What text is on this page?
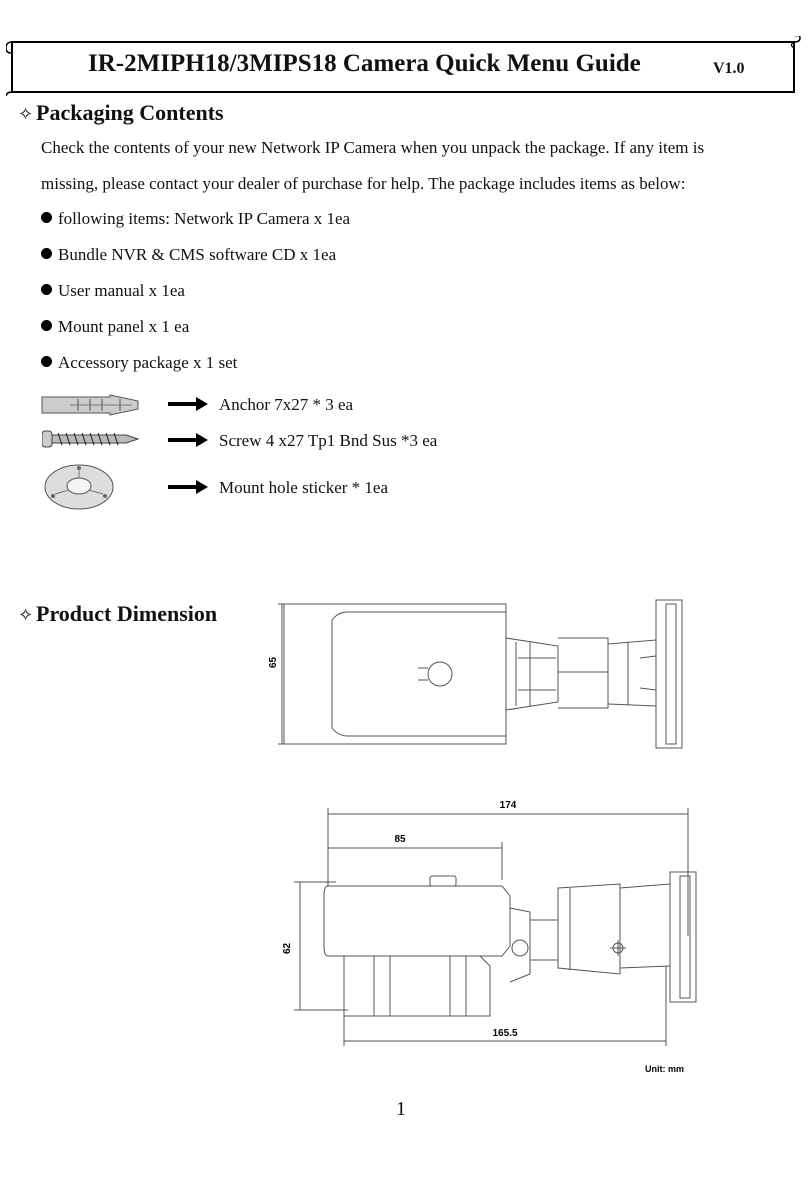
IR-2MIPH18/3MIPS18 Camera Quick Menu Guide	V1.0
✧ Packaging Contents
Check the contents of your new Network IP Camera when you unpack the package. If any item is
missing, please contact your dealer of purchase for help. The package includes items as below:
following items: Network IP Camera x 1ea
Bundle NVR & CMS software CD x 1ea
User manual x 1ea
Mount panel x 1 ea
Accessory package x 1 set
Anchor 7x27 * 3 ea
Screw 4 x27 Tp1 Bnd Sus *3 ea
Mount hole sticker * 1ea
✧ Product Dimension
65
174
85
62
165.5
Unit: mm
1
